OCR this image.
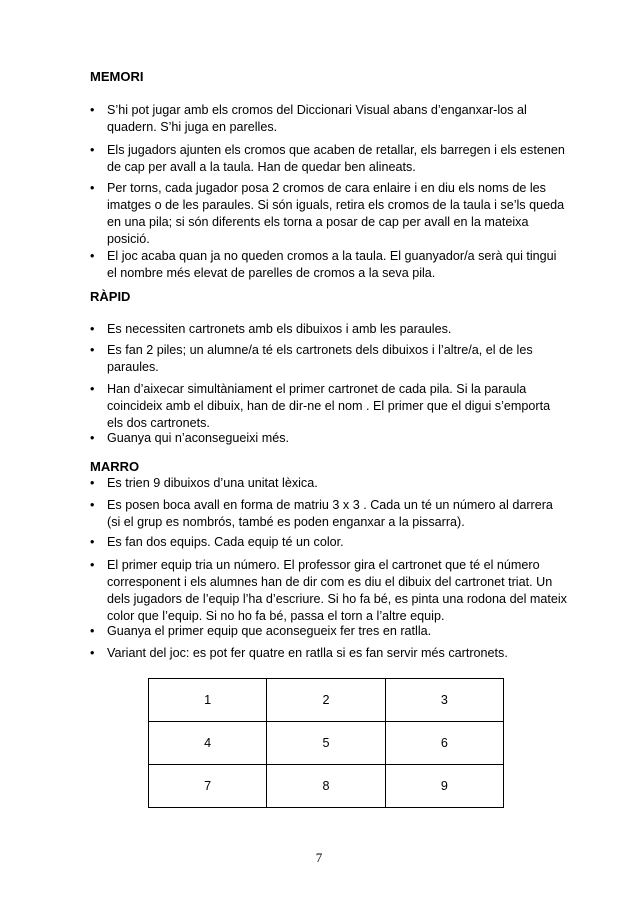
MEMORI
• S’hi pot jugar amb els cromos del Diccionari Visual abans d’enganxar-los al quadern. S’hi juga en parelles.
• Els jugadors ajunten els cromos que acaben de retallar, els barregen i els estenen de cap per avall a la taula. Han de quedar ben alineats.
• Per torns, cada jugador posa 2 cromos de cara enlaire i en diu els noms de les imatges o de les paraules. Si són iguals, retira els cromos de la taula i se’ls queda en una pila; si són diferents els torna a posar de cap per avall en la mateixa posició.
• El joc acaba quan ja no queden cromos a la taula. El guanyador/a serà qui tingui el nombre més elevat de parelles de cromos a la seva pila.
RÀPID
• Es necessiten cartronets amb els dibuixos i amb les paraules.
• Es fan 2 piles; un alumne/a té els cartronets dels dibuixos i l’altre/a, el de les paraules.
• Han d’aixecar simultàniament el primer cartronet de cada pila. Si la paraula coincideix amb el dibuix, han de dir-ne el nom . El primer que el digui s’emporta els dos cartronets.
• Guanya qui n’aconsegueixi més.
MARRO
• Es trien 9 dibuixos d’una unitat lèxica.
• Es posen boca avall en forma de matriu 3 x 3 . Cada un té un número al darrera (si el grup es nombrós, també es poden enganxar a la pissarra).
• Es fan dos equips. Cada equip té un color.
• El primer equip tria un número. El professor gira el cartronet que té el número corresponent i els alumnes han de dir com es diu el dibuix del cartronet triat. Un dels jugadors de l’equip l’ha d’escriure. Si ho fa bé, es pinta una rodona del mateix color que l’equip. Si no ho fa bé, passa el torn a l’altre equip.
• Guanya el primer equip que aconsegueix fer tres en ratlla.
• Variant del joc: es pot fer quatre en ratlla si es fan servir més cartronets.
1	2	3
4	5	6
7	8	9
7
